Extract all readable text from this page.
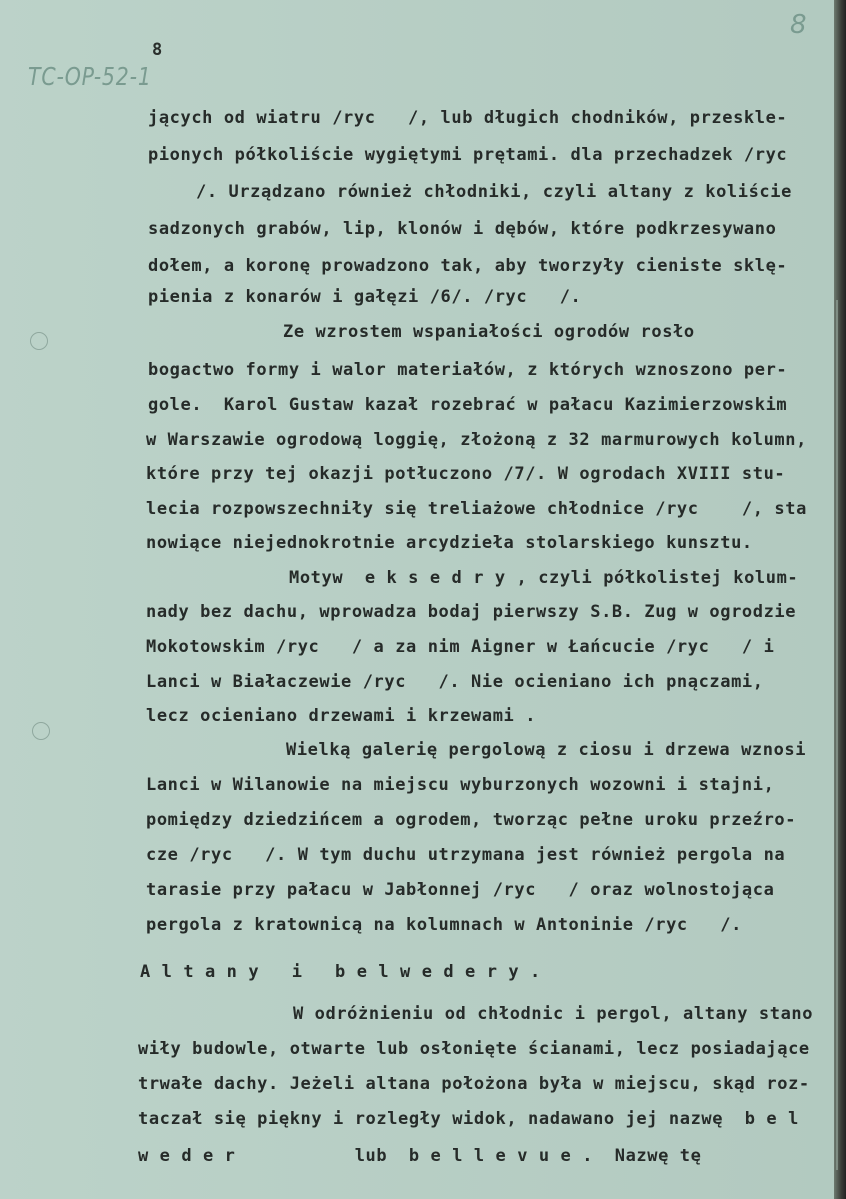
TC-OP-52-1
8
8
jących od wiatru /ryc   /, lub długich chodników, przeskle-
pionych półkoliście wygiętymi prętami. dla przechadzek /ryc
/. Urządzano również chłodniki, czyli altany z koliście
sadzonych grabów, lip, klonów i dębów, które podkrzesywano
dołem, a koronę prowadzono tak, aby tworzyły cieniste sklę-
pienia z konarów i gałęzi /6/. /ryc   /.
Ze wzrostem wspaniałości ogrodów rosło
bogactwo formy i walor materiałów, z których wznoszono per-
gole.  Karol Gustaw kazał rozebrać w pałacu Kazimierzowskim
w Warszawie ogrodową loggię, złożoną z 32 marmurowych kolumn,
które przy tej okazji potłuczono /7/. W ogrodach XVIII stu-
lecia rozpowszechniły się treliażowe chłodnice /ryc    /, sta
nowiące niejednokrotnie arcydzieła stolarskiego kunsztu.
Motyw  e k s e d r y , czyli półkolistej kolum-
nady bez dachu, wprowadza bodaj pierwszy S.B. Zug w ogrodzie
Mokotowskim /ryc   / a za nim Aigner w Łańcucie /ryc   / i
Lanci w Białaczewie /ryc   /. Nie ocieniano ich pnączami,
lecz ocieniano drzewami i krzewami .
Wielką galerię pergolową z ciosu i drzewa wznosi
Lanci w Wilanowie na miejscu wyburzonych wozowni i stajni,
pomiędzy dziedzińcem a ogrodem, tworząc pełne uroku przeźro-
cze /ryc   /. W tym duchu utrzymana jest również pergola na
tarasie przy pałacu w Jabłonnej /ryc   / oraz wolnostojąca
pergola z kratownicą na kolumnach w Antoninie /ryc   /.
A l t a n y   i   b e l w e d e r y .
W odróżnieniu od chłodnic i pergol, altany stano
wiły budowle, otwarte lub osłonięte ścianami, lecz posiadające
trwałe dachy. Jeżeli altana położona była w miejscu, skąd roz-
taczał się piękny i rozległy widok, nadawano jej nazwę  b e l
w e d e r           lub  b e l l e v u e .  Nazwę tę
